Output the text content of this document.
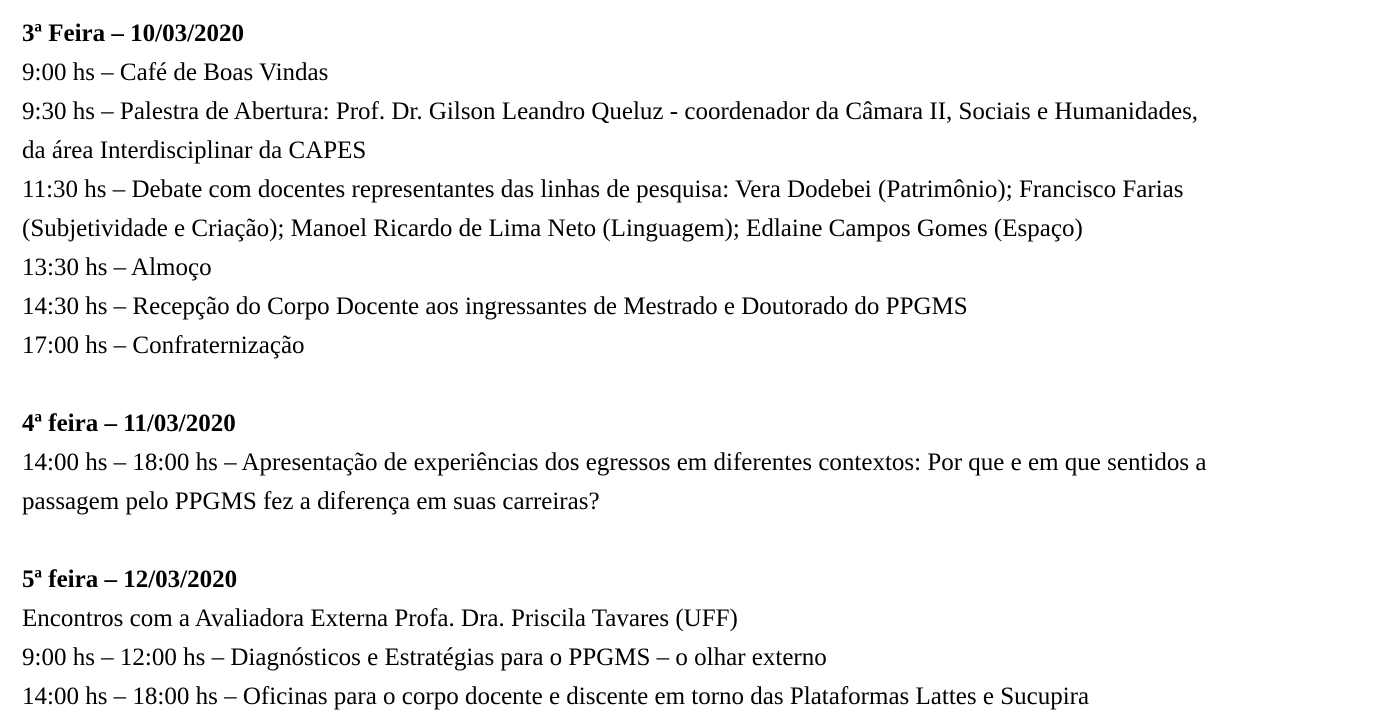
3ª Feira – 10/03/2020
9:00 hs – Café de Boas Vindas
9:30 hs – Palestra de Abertura: Prof. Dr. Gilson Leandro Queluz - coordenador da Câmara II, Sociais e Humanidades,
da área Interdisciplinar da CAPES
11:30 hs – Debate com docentes representantes das linhas de pesquisa: Vera Dodebei (Patrimônio); Francisco Farias
(Subjetividade e Criação); Manoel Ricardo de Lima Neto (Linguagem); Edlaine Campos Gomes (Espaço)
13:30 hs – Almoço
14:30 hs – Recepção do Corpo Docente aos ingressantes de Mestrado e Doutorado do PPGMS
17:00 hs – Confraternização
4ª feira – 11/03/2020
14:00 hs – 18:00 hs – Apresentação de experiências dos egressos em diferentes contextos: Por que e em que sentidos a
passagem pelo PPGMS fez a diferença em suas carreiras?
5ª feira – 12/03/2020
Encontros com a Avaliadora Externa Profa. Dra. Priscila Tavares (UFF)
9:00 hs – 12:00 hs – Diagnósticos e Estratégias para o PPGMS – o olhar externo
14:00 hs – 18:00 hs – Oficinas para o corpo docente e discente em torno das Plataformas Lattes e Sucupira
